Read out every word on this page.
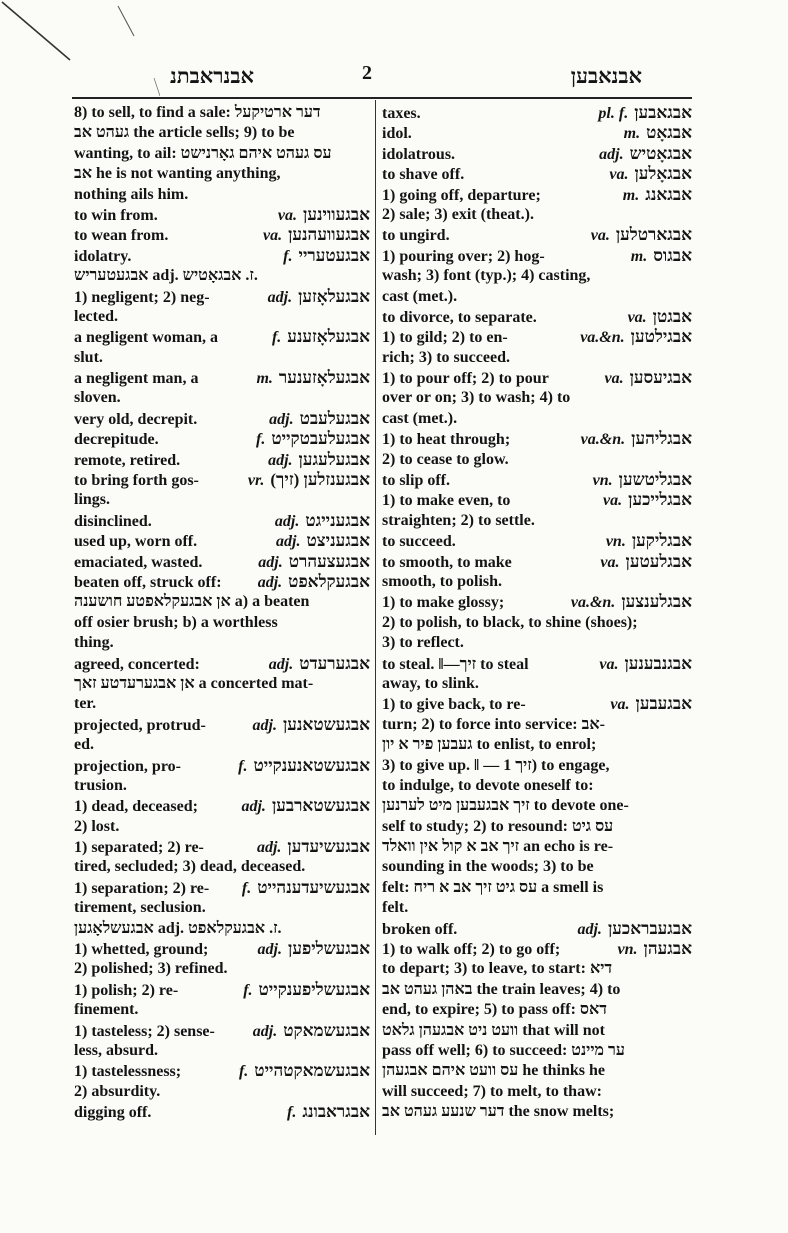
אבנראבתנ	2	אבנאבען
8) to sell, to find a sale: דער ארטיקעל
געהט אב the article sells; 9) to be
wanting, to ail: עס געהט איהם גאָרנישט
אב he is not wanting anything,
nothing ails him.
to win from.	va. אבגעווינען
to wean from.	va. אבגעוועהנען
idolatry.	f. אבגעטעריי
אבגעטעריש adj. ז. אבגאָטיש.
1) negligent; 2) neg-	adj. אבגעלאָזען
lected.
a negligent woman, a	f. אבגעלאָזענע
slut.
a negligent man, a	m. אבגעלאָזענער
sloven.
very old, decrepit.	adj. אבגעלעבט
decrepitude.	f. אבגעלעבטקייט
remote, retired.	adj. אבגעלעגען
to bring forth gos-	vr. אבגענזלען (זיך)
lings.
disinclined.	adj. אבגענייגט
used up, worn off.	adj. אבגעניצט
emaciated, wasted.	adj. אבגעצעהרט
beaten off, struck off: adj. אבגעקלאפט
אן אבגעקלאפטע חושענה a) a beaten
off osier brush; b) a worthless
thing.
agreed, concerted:	adj. אבגערעדט
אן אבגערעדטע זאך a concerted mat-
ter.
projected, protrud-	adj. אבגעשטאנען
ed.
projection, pro-	f. אבגעשטאנענקייט
trusion.
1) dead, deceased;	adj. אבגעשטארבען
2) lost.
1) separated; 2) re-	adj. אבגעשיעדען
tired, secluded; 3) dead, deceased.
1) separation; 2) re- f. אבגעשיעדענהייט
tirement, seclusion.
אבגעשלאָגען adj. ז. אבגעקלאפט.
1) whetted, ground;	adj. אבגעשליפען
2) polished; 3) refined.
1) polish; 2) re-	f. אבגעשליפענקייט
finement.
1) tasteless; 2) sense- adj. אבגעשמאקט
less, absurd.
1) tastelessness;	f. אבגעשמאקטהייט
2) absurdity.
digging off.	f. אבגראבונג
taxes.	pl. f. אבגאבען
idol.	m. אבגאָט
idolatrous.	adj. אבגאָטיש
to shave off.	va. אבגאָלען
1) going off, departure;	m. אבגאנג
2) sale; 3) exit (theat.).
to ungird.	va. אבגארטלען
1) pouring over; 2) hog-	m. אבגוס
wash; 3) font (typ.); 4) casting,
cast (met.).
to divorce, to separate.	va. אבגטן
1) to gild; 2) to en-	va.&n. אבגילטען
rich; 3) to succeed.
1) to pour off; 2) to pour	va. אבגיעסען
over or on; 3) to wash; 4) to
cast (met.).
1) to heat through;	va.&n. אבגליהען
2) to cease to glow.
to slip off.	vn. אבגליטשען
1) to make even, to	va. אבגלייכען
straighten; 2) to settle.
to succeed.	vn. אבגליקען
to smooth, to make	va. אבגלעטען
smooth, to polish.
1) to make glossy;	va.&n. אבגלענצען
2) to polish, to black, to shine (shoes);
3) to reflect.
to steal. ‖—זיך to steal	va. אבגנבענען
away, to slink.
1) to give back, to re-	va. אבגעבען
turn; 2) to force into service: אב-
געבען פיר א יון to enlist, to enrol;
3) to give up. ‖ — זיך 1) to engage,
to indulge, to devote oneself to:
זיך אבגעבען מיט לערנען to devote one-
self to study; 2) to resound: עס גיט
זיך אב א קול אין וואלד an echo is re-
sounding in the woods; 3) to be
felt: עס גיט זיך אב א ריח a smell is
felt.
broken off.	adj. אבגעבראכען
1) to walk off; 2) to go off;	vn. אבגעהן
to depart; 3) to leave, to start: דיא
באהן געהט אב the train leaves; 4) to
end, to expire; 5) to pass off: דאס
וועט ניט אבגעהן גלאט that will not
pass off well; 6) to succeed: ער מיינט
עס וועט איהם אבגעהן he thinks he
will succeed; 7) to melt, to thaw:
דער שנעע געהט אב the snow melts;
